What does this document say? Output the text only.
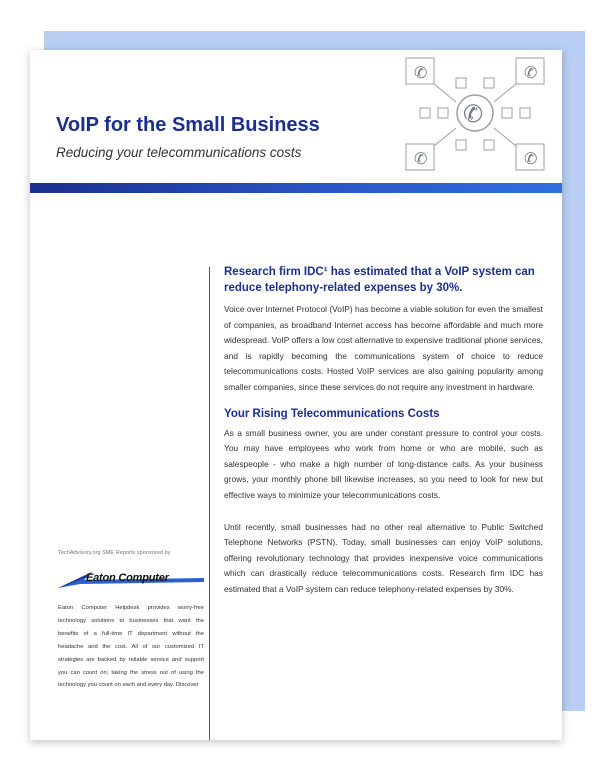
✆	✆
✆	✆
✆
VoIP for the Small Business

Reducing your telecommunications costs

TechAdvisory.org SME Reports sponsored by

Eaton Computer

Eaton Computer Helpdesk provides worry-free technology solutions to businesses that want the benefits of a full-time IT department without the headache and the cost. All of our customized IT strategies are backed by reliable service and support you can count on; taking the stress out of using the technology you count on each and every day. Discover

Research firm IDC¹ has estimated that a VoIP system can reduce telephony-related expenses by 30%.

Voice over Internet Protocol (VoIP) has become a viable solution for even the smallest of companies, as broadband Internet access has become affordable and much more widespread. VoIP offers a low cost alternative to expensive traditional phone services, and is rapidly becoming the communications system of choice to reduce telecommunications costs. Hosted VoIP services are also gaining popularity among smaller companies, since these services do not require any investment in hardware.

Your Rising Telecommunications Costs

As a small business owner, you are under constant pressure to control your costs. You may have employees who work from home or who are mobile, such as salespeople - who make a high number of long-distance calls. As your business grows, your monthly phone bill likewise increases, so you need to look for new but effective ways to minimize your telecommunications costs.

Until recently, small businesses had no other real alternative to Public Switched Telephone Networks (PSTN). Today, small businesses can enjoy VoIP solutions, offering revolutionary technology that provides inexpensive voice communications which can drastically reduce telecommunications costs. Research firm IDC has estimated that a VoIP system can reduce telephony-related expenses by 30%.
